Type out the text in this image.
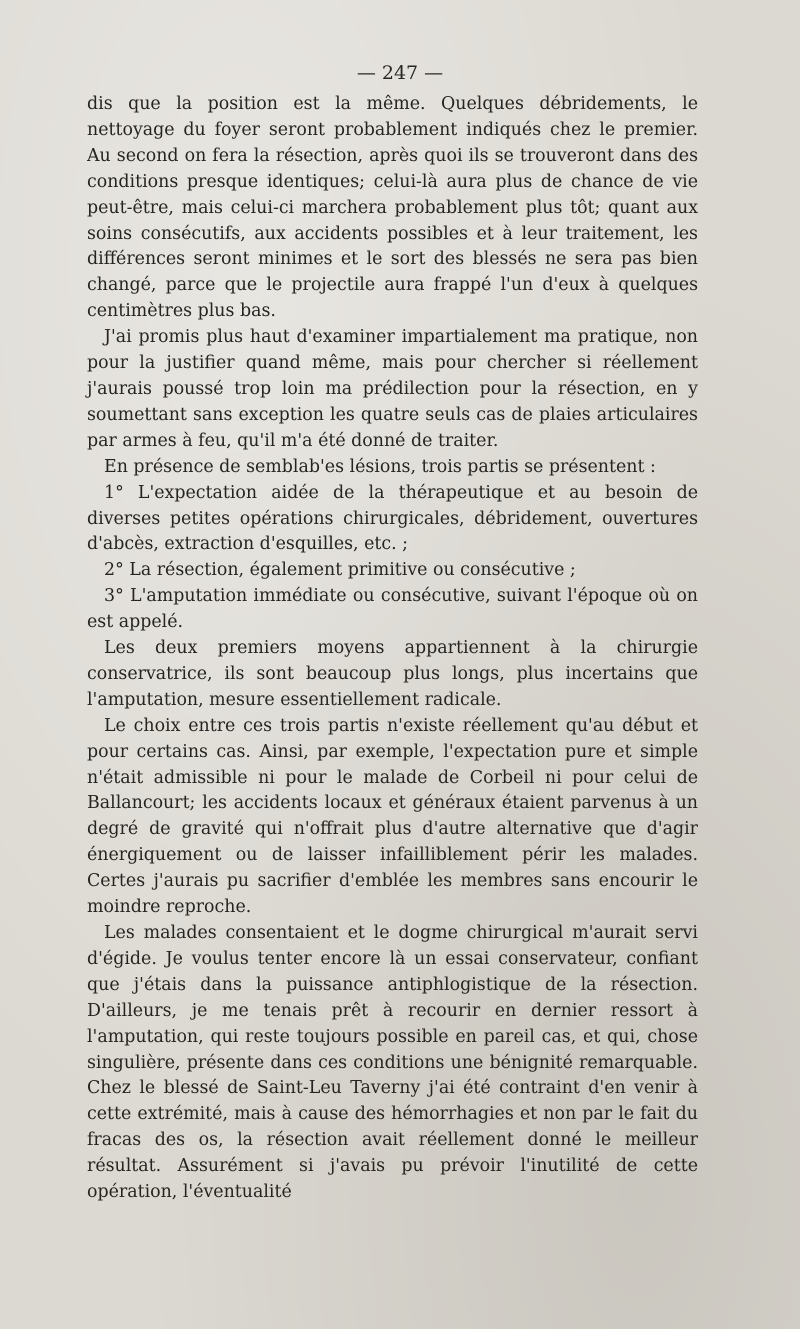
— 247 —

dis que la position est la même. Quelques débridements, le nettoyage du foyer seront probablement indiqués chez le premier. Au second on fera la résection, après quoi ils se trouveront dans des conditions presque identiques; celui-là aura plus de chance de vie peut-être, mais celui-ci marchera probablement plus tôt; quant aux soins consécutifs, aux accidents possibles et à leur traitement, les différences seront minimes et le sort des blessés ne sera pas bien changé, parce que le projectile aura frappé l'un d'eux à quelques centimètres plus bas.

J'ai promis plus haut d'examiner impartialement ma pratique, non pour la justifier quand même, mais pour chercher si réellement j'aurais poussé trop loin ma prédilection pour la résection, en y soumettant sans exception les quatre seuls cas de plaies articulaires par armes à feu, qu'il m'a été donné de traiter.

En présence de semblab'es lésions, trois partis se présentent :

1° L'expectation aidée de la thérapeutique et au besoin de diverses petites opérations chirurgicales, débridement, ouvertures d'abcès, extraction d'esquilles, etc. ;

2° La résection, également primitive ou consécutive ;

3° L'amputation immédiate ou consécutive, suivant l'époque où on est appelé.

Les deux premiers moyens appartiennent à la chirurgie conservatrice, ils sont beaucoup plus longs, plus incertains que l'amputation, mesure essentiellement radicale.

Le choix entre ces trois partis n'existe réellement qu'au début et pour certains cas. Ainsi, par exemple, l'expectation pure et simple n'était admissible ni pour le malade de Corbeil ni pour celui de Ballancourt; les accidents locaux et généraux étaient parvenus à un degré de gravité qui n'offrait plus d'autre alternative que d'agir énergiquement ou de laisser infailliblement périr les malades. Certes j'aurais pu sacrifier d'emblée les membres sans encourir le moindre reproche.

Les malades consentaient et le dogme chirurgical m'aurait servi d'égide. Je voulus tenter encore là un essai conservateur, confiant que j'étais dans la puissance antiphlogistique de la résection. D'ailleurs, je me tenais prêt à recourir en dernier ressort à l'amputation, qui reste toujours possible en pareil cas, et qui, chose singulière, présente dans ces conditions une bénignité remarquable. Chez le blessé de Saint-Leu Taverny j'ai été contraint d'en venir à cette extrémité, mais à cause des hémorrhagies et non par le fait du fracas des os, la résection avait réellement donné le meilleur résultat. Assurément si j'avais pu prévoir l'inutilité de cette opération, l'éventualité
